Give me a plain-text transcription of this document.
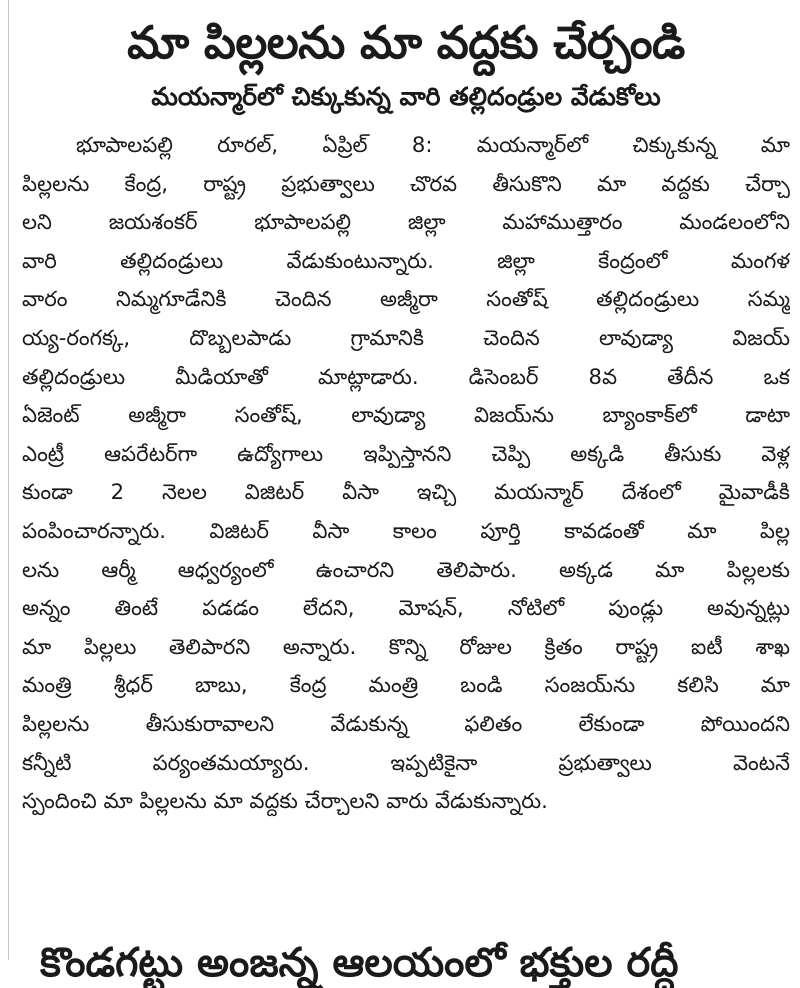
మా పిల్లలను మా వద్దకు చేర్చండి
మయన్మార్‌లో చిక్కుకున్న వారి తల్లిదండ్రుల వేడుకోలు
భూపాలపల్లి రూరల్‌, ఏప్రిల్‌ 8: మయన్మార్‌లో చిక్కుకున్న మా
పిల్లలను కేంద్ర, రాష్ట్ర ప్రభుత్వాలు చొరవ తీసుకొని మా వద్దకు చేర్చా
లని జయశంకర్‌ భూపాలపల్లి జిల్లా మహాముత్తారం మండలంలోని
వారి తల్లిదండ్రులు వేడుకుంటున్నారు. జిల్లా కేంద్రంలో మంగళ
వారం నిమ్మగూడేనికి చెందిన అజ్మీరా సంతోష్‌ తల్లిదండ్రులు సమ్మ
య్య-రంగక్క, దొబ్బలపాడు గ్రామానికి చెందిన లావుడ్యా విజయ్‌
తల్లిదండ్రులు మీడియాతో మాట్లాడారు. డిసెంబర్‌ 8వ తేదీన ఒక
ఏజెంట్‌ అజ్మీరా సంతోష్‌, లావుడ్యా విజయ్‌ను బ్యాంకాక్‌లో డాటా
ఎంట్రీ ఆపరేటర్‌గా ఉద్యోగాలు ఇప్పిస్తానని చెప్పి అక్కడి తీసుకు వెళ్ల
కుండా 2 నెలల విజిటర్‌ వీసా ఇచ్చి మయన్మార్‌ దేశంలో మైవాడీకి
పంపించారన్నారు. విజిటర్‌ వీసా కాలం పూర్తి కావడంతో మా పిల్ల
లను ఆర్మీ ఆధ్వర్యంలో ఉంచారని తెలిపారు. అక్కడ మా పిల్లలకు
అన్నం తింటే పడడం లేదని, మోషన్‌, నోటిలో పుండ్లు అవున్నట్లు
మా పిల్లలు తెలిపారని అన్నారు. కొన్ని రోజుల క్రితం రాష్ట్ర ఐటీ శాఖ
మంత్రి శ్రీధర్‌ బాబు, కేంద్ర మంత్రి బండి సంజయ్‌ను కలిసి మా
పిల్లలను తీసుకురావాలని వేడుకున్న ఫలితం లేకుండా పోయిందని
కన్నీటి పర్యంతమయ్యారు. ఇప్పటికైనా ప్రభుత్వాలు వెంటనే
స్పందించి మా పిల్లలను మా వద్దకు చేర్చాలని వారు వేడుకున్నారు.
కొండగట్టు అంజన్న ఆలయంలో భక్తుల రద్దీ
